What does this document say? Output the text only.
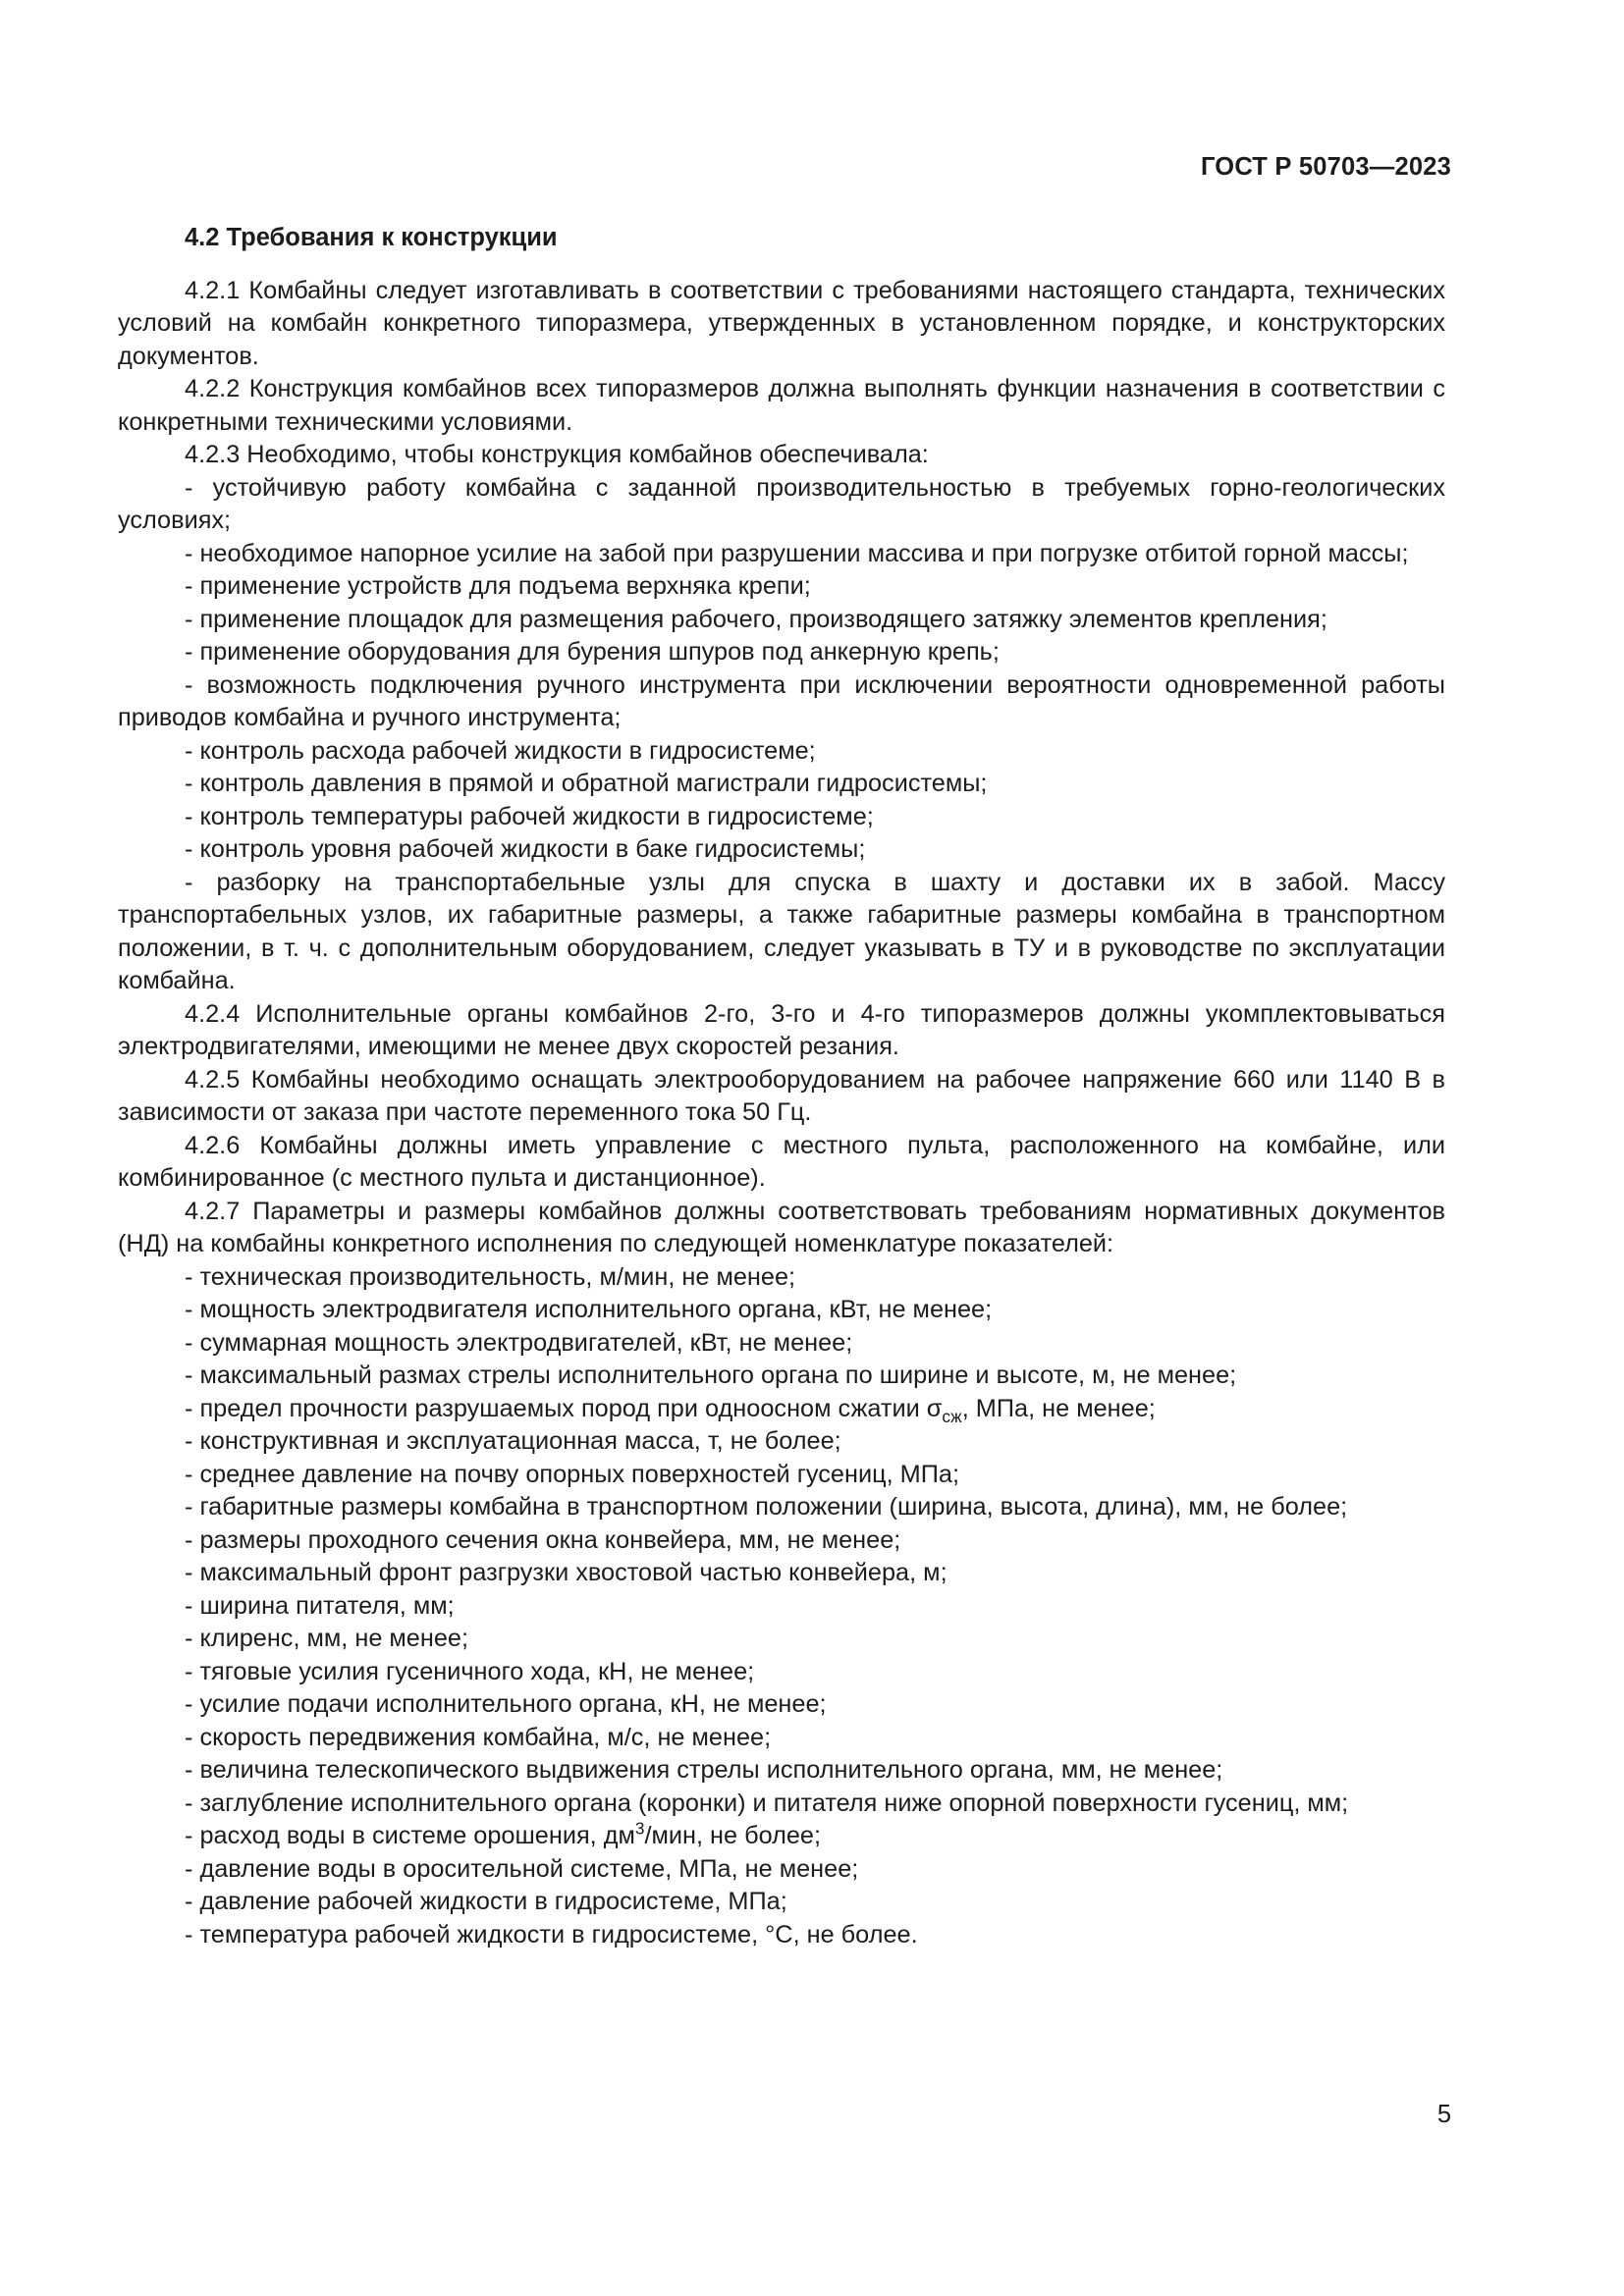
ГОСТ Р 50703—2023
4.2 Требования к конструкции

4.2.1 Комбайны следует изготавливать в соответствии с требованиями настоящего стандарта, технических условий на комбайн конкретного типоразмера, утвержденных в установленном порядке, и конструкторских документов.

4.2.2 Конструкция комбайнов всех типоразмеров должна выполнять функции назначения в соответствии с конкретными техническими условиями.

4.2.3 Необходимо, чтобы конструкция комбайнов обеспечивала:

- устойчивую работу комбайна с заданной производительностью в требуемых горно-геологических условиях;

- необходимое напорное усилие на забой при разрушении массива и при погрузке отбитой горной массы;

- применение устройств для подъема верхняка крепи;

- применение площадок для размещения рабочего, производящего затяжку элементов крепления;

- применение оборудования для бурения шпуров под анкерную крепь;

- возможность подключения ручного инструмента при исключении вероятности одновременной работы приводов комбайна и ручного инструмента;

- контроль расхода рабочей жидкости в гидросистеме;

- контроль давления в прямой и обратной магистрали гидросистемы;

- контроль температуры рабочей жидкости в гидросистеме;

- контроль уровня рабочей жидкости в баке гидросистемы;

- разборку на транспортабельные узлы для спуска в шахту и доставки их в забой. Массу транспортабельных узлов, их габаритные размеры, а также габаритные размеры комбайна в транспортном положении, в т. ч. с дополнительным оборудованием, следует указывать в ТУ и в руководстве по эксплуатации комбайна.

4.2.4 Исполнительные органы комбайнов 2-го, 3-го и 4-го типоразмеров должны укомплектовываться электродвигателями, имеющими не менее двух скоростей резания.

4.2.5 Комбайны необходимо оснащать электрооборудованием на рабочее напряжение 660 или 1140 В в зависимости от заказа при частоте переменного тока 50 Гц.

4.2.6 Комбайны должны иметь управление с местного пульта, расположенного на комбайне, или комбинированное (с местного пульта и дистанционное).

4.2.7 Параметры и размеры комбайнов должны соответствовать требованиям нормативных документов (НД) на комбайны конкретного исполнения по следующей номенклатуре показателей:

- техническая производительность, м/мин, не менее;

- мощность электродвигателя исполнительного органа, кВт, не менее;

- суммарная мощность электродвигателей, кВт, не менее;

- максимальный размах стрелы исполнительного органа по ширине и высоте, м, не менее;

- предел прочности разрушаемых пород при одноосном сжатии $\sigma_{сж}$, МПа, не менее;

- конструктивная и эксплуатационная масса, т, не более;

- среднее давление на почву опорных поверхностей гусениц, МПа;

- габаритные размеры комбайна в транспортном положении (ширина, высота, длина), мм, не более;

- размеры проходного сечения окна конвейера, мм, не менее;

- максимальный фронт разгрузки хвостовой частью конвейера, м;

- ширина питателя, мм;

- клиренс, мм, не менее;

- тяговые усилия гусеничного хода, кН, не менее;

- усилие подачи исполнительного органа, кН, не менее;

- скорость передвижения комбайна, м/с, не менее;

- величина телескопического выдвижения стрелы исполнительного органа, мм, не менее;

- заглубление исполнительного органа (коронки) и питателя ниже опорной поверхности гусениц, мм;

- расход воды в системе орошения, $дм^3$/мин, не более;

- давление воды в оросительной системе, МПа, не менее;

- давление рабочей жидкости в гидросистеме, МПа;

- температура рабочей жидкости в гидросистеме, °С, не более.

5
